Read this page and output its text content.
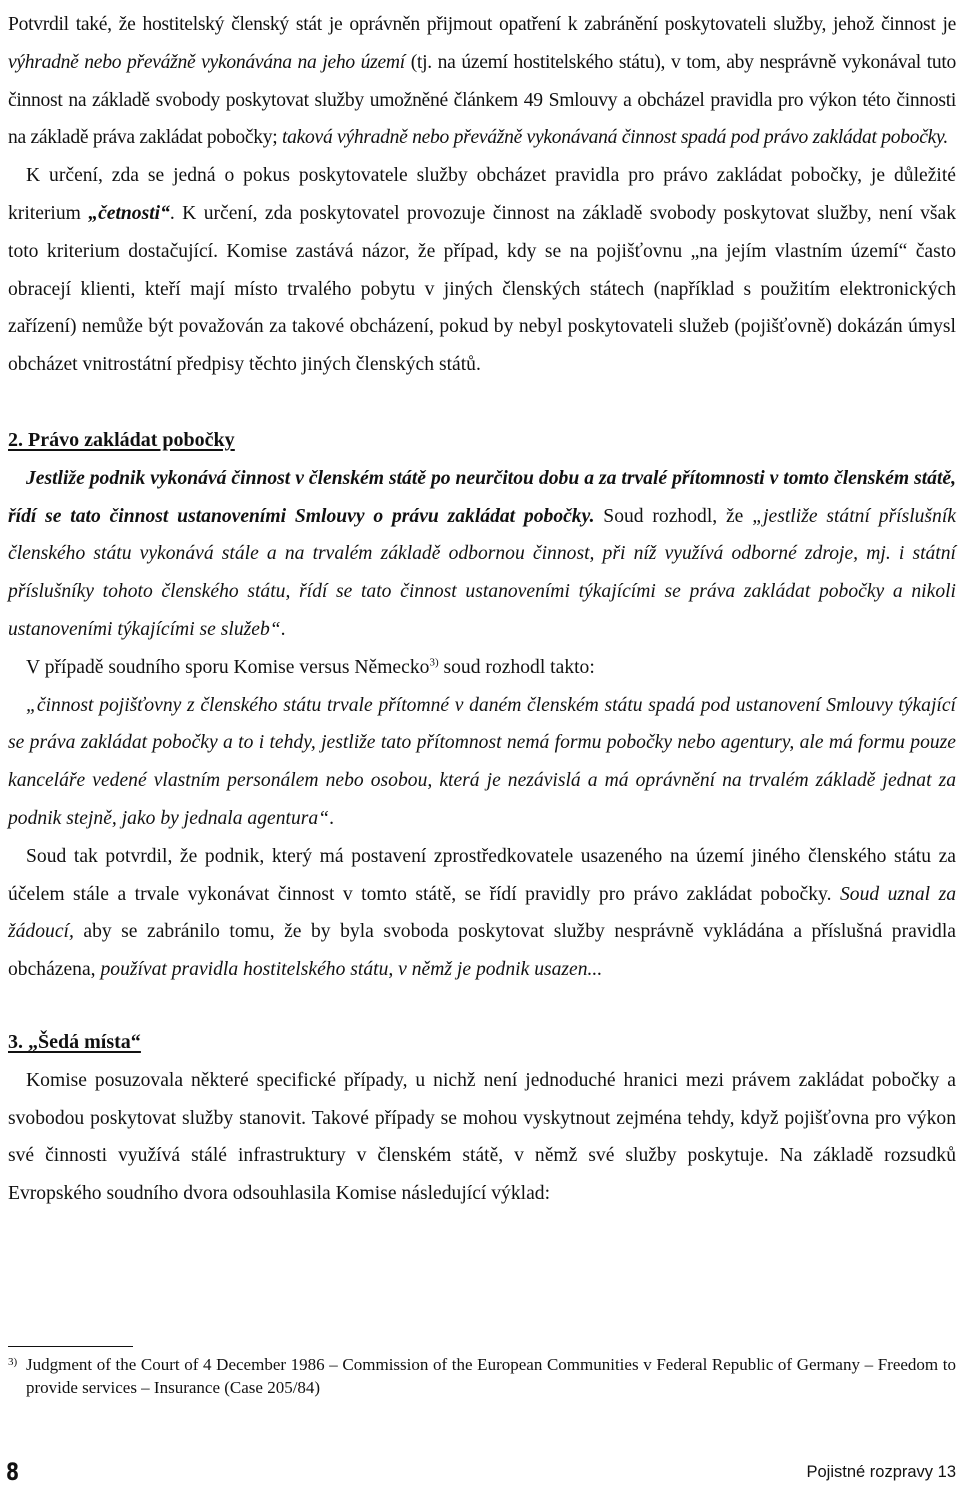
Potvrdil také, že hostitelský členský stát je oprávněn přijmout opatření k zabránění poskytovateli služby, jehož činnost je výhradně nebo převážně vykonávána na jeho území (tj. na území hostitelského státu), v tom, aby nesprávně vykonával tuto činnost na základě svobody poskytovat služby umožněné článkem 49 Smlouvy a obcházel pravidla pro výkon této činnosti na základě práva zakládat pobočky; taková výhradně nebo převážně vykonávaná činnost spadá pod právo zakládat pobočky.

K určení, zda se jedná o pokus poskytovatele služby obcházet pravidla pro právo zakládat pobočky, je důležité kriterium „četnosti“. K určení, zda poskytovatel provozuje činnost na základě svobody poskytovat služby, není však toto kriterium dostačující. Komise zastává názor, že případ, kdy se na pojišťovnu „na jejím vlastním území“ často obracejí klienti, kteří mají místo trvalého pobytu v jiných členských státech (například s použitím elektronických zařízení) nemůže být považován za takové obcházení, pokud by nebyl poskytovateli služeb (pojišťovně) dokázán úmysl obcházet vnitrostátní předpisy těchto jiných členských států.

2. Právo zakládat pobočky

Jestliže podnik vykonává činnost v členském státě po neurčitou dobu a za trvalé přítomnosti v tomto členském státě, řídí se tato činnost ustanoveními Smlouvy o právu zakládat pobočky. Soud rozhodl, že „jestliže státní příslušník členského státu vykonává stále a na trvalém základě odbornou činnost, při níž využívá odborné zdroje, mj. i státní příslušníky tohoto členského státu, řídí se tato činnost ustanoveními týkajícími se práva zakládat pobočky a nikoli ustanoveními týkajícími se služeb“.

V případě soudního sporu Komise versus Německo$^{3)}$ soud rozhodl takto:

„činnost pojišťovny z členského státu trvale přítomné v daném členském státu spadá pod ustanovení Smlouvy týkající se práva zakládat pobočky a to i tehdy, jestliže tato přítomnost nemá formu pobočky nebo agentury, ale má formu pouze kanceláře vedené vlastním personálem nebo osobou, která je nezávislá a má oprávnění na trvalém základě jednat za podnik stejně, jako by jednala agentura“.

Soud tak potvrdil, že podnik, který má postavení zprostředkovatele usazeného na území jiného členského státu za účelem stále a trvale vykonávat činnost v tomto státě, se řídí pravidly pro právo zakládat pobočky. Soud uznal za žádoucí, aby se zabránilo tomu, že by byla svoboda poskytovat služby nesprávně vykládána a příslušná pravidla obcházena, používat pravidla hostitelského státu, v němž je podnik usazen...

3. „Šedá místa“

Komise posuzovala některé specifické případy, u nichž není jednoduché hranici mezi právem zakládat pobočky a svobodou poskytovat služby stanovit. Takové případy se mohou vyskytnout zejména tehdy, když pojišťovna pro výkon své činnosti využívá stálé infrastruktury v členském státě, v němž své služby poskytuje. Na základě rozsudků Evropského soudního dvora odsouhlasila Komise následující výklad:

3) Judgment of the Court of 4 December 1986 – Commission of the European Communities v Federal Republic of Germany – Freedom to provide services – Insurance (Case 205/84)
8	Pojistné rozpravy 13
